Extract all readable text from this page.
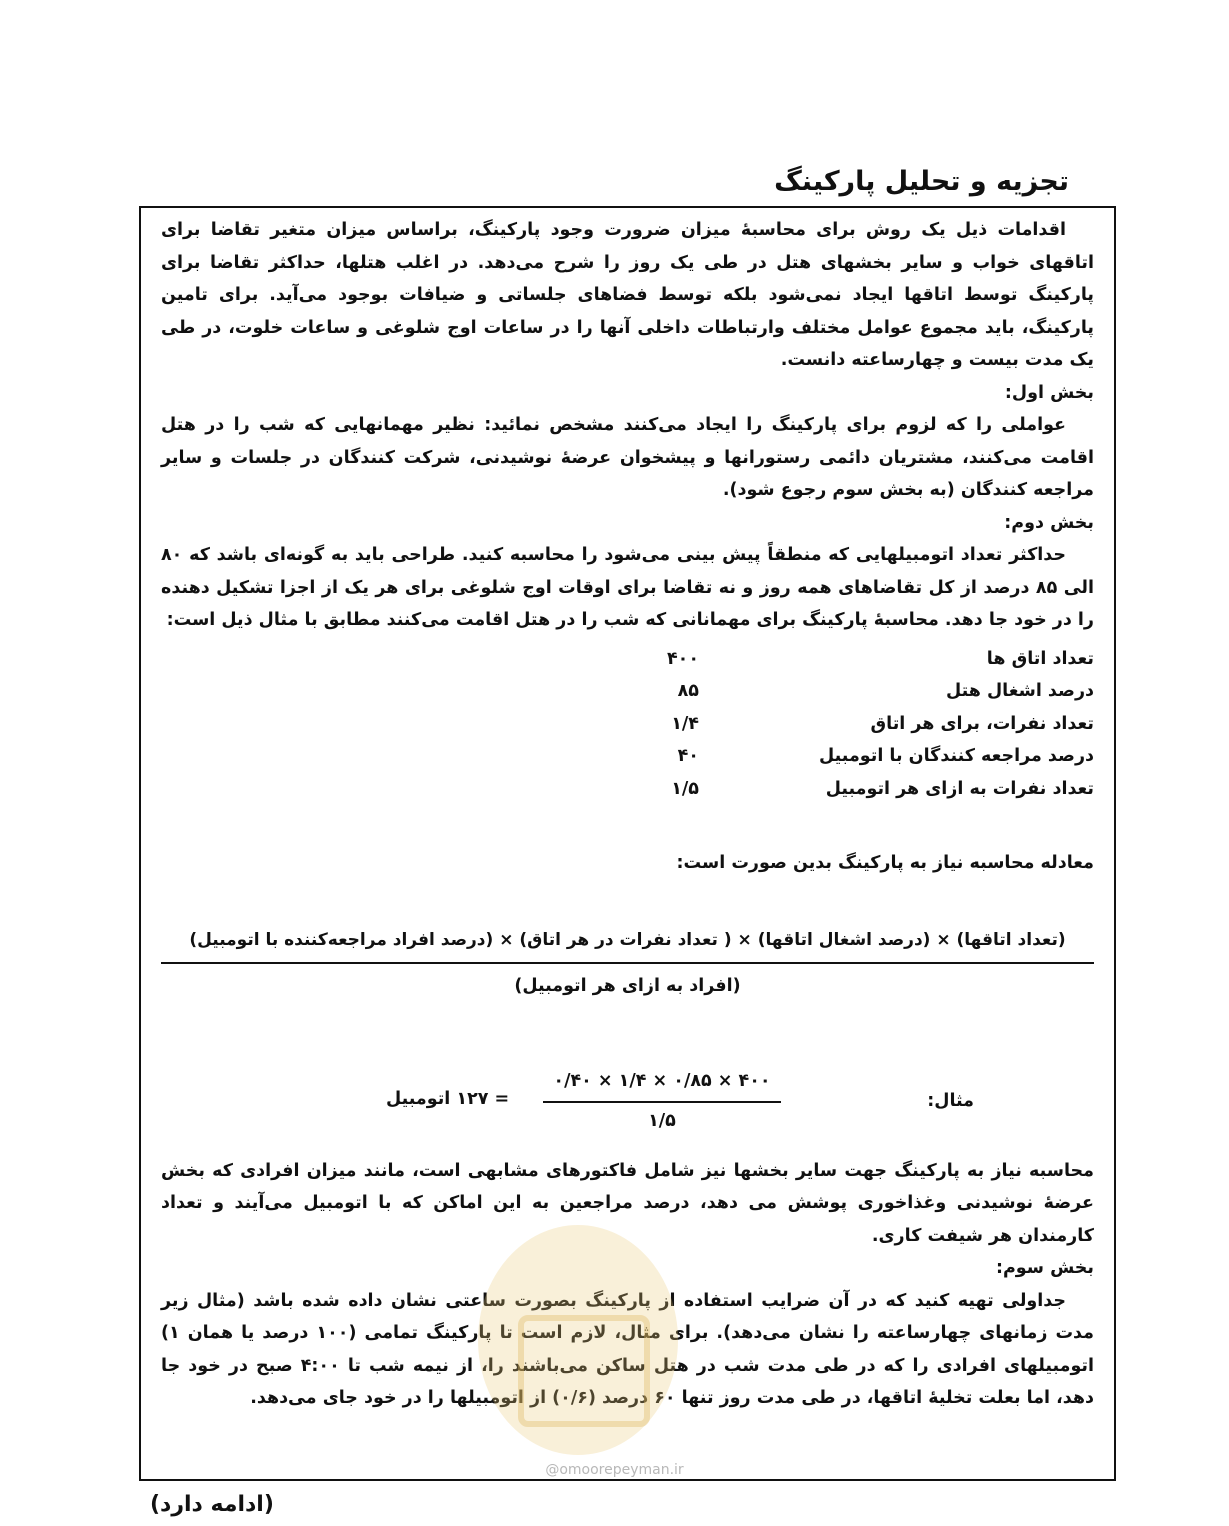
تجزیه و تحلیل پارکینگ

اقدامات ذیل یک روش برای محاسبهٔ میزان ضرورت وجود پارکینگ، براساس میزان متغیر تقاضا برای اتاقهای خواب و سایر بخشهای هتل در طی یک روز را شرح می‌دهد. در اغلب هتلها، حداکثر تقاضا برای پارکینگ توسط اتاقها ایجاد نمی‌شود بلکه توسط فضاهای جلساتی و ضیافات بوجود می‌آید. برای تامین پارکینگ، باید مجموع عوامل مختلف وارتباطات داخلی آنها را در ساعات اوج شلوغی و ساعات خلوت، در طی یک مدت بیست و چهارساعته دانست.

بخش اول:

عواملی را که لزوم برای پارکینگ را ایجاد می‌کنند مشخص نمائید: نظیر مهمانهایی که شب را در هتل اقامت می‌کنند، مشتریان دائمی رستورانها و پیشخوان عرضهٔ نوشیدنی، شرکت کنندگان در جلسات و سایر مراجعه کنندگان (به بخش سوم رجوع شود).

بخش دوم:

حداکثر تعداد اتومبیلهایی که منطقاً پیش بینی می‌شود را محاسبه کنید. طراحی باید به گونه‌ای باشد که ۸۰ الی ۸۵ درصد از کل تقاضاهای همه روز و نه تقاضا برای اوقات اوج شلوغی برای هر یک از اجزا تشکیل دهنده را در خود جا دهد. محاسبهٔ پارکینگ برای مهمانانی که شب را در هتل اقامت می‌کنند مطابق با مثال ذیل است:

تعداد اتاق ها
۴۰۰
درصد اشغال هتل
۸۵
تعداد نفرات، برای هر اتاق
۱/۴
درصد مراجعه کنندگان با اتومبیل
۴۰
تعداد نفرات به ازای هر اتومبیل
۱/۵

معادله محاسبه نیاز به پارکینگ بدین صورت است:

(تعداد اتاقها) × (درصد اشغال اتاقها) × ( تعداد نفرات در هر اتاق) × (درصد افراد مراجعه‌کننده با اتومبیل)
(افراد به ازای هر اتومبیل)
مثال:
۰/۴۰ × ۱/۴ × ۰/۸۵ × ۴۰۰
۱/۵
= ۱۲۷ اتومبیل

محاسبه نیاز به پارکینگ جهت سایر بخشها نیز شامل فاکتورهای مشابهی است، مانند میزان افرادی که بخش عرضهٔ نوشیدنی وغذاخوری پوشش می دهد، درصد مراجعین به این اماکن که با اتومبیل می‌آیند و تعداد کارمندان هر شیفت کاری.

بخش سوم:

جداولی تهیه کنید که در آن ضرایب استفاده از پارکینگ بصورت ساعتی نشان داده شده باشد (مثال زیر مدت زمانهای چهارساعته را نشان می‌دهد). برای مثال، لازم است تا پارکینگ تمامی (۱۰۰ درصد یا همان ۱) اتومبیلهای افرادی را که در طی مدت شب در هتل ساکن می‌باشند را، از نیمه شب تا ۴:۰۰ صبح در خود جا دهد، اما بعلت تخلیهٔ اتاقها، در طی مدت روز تنها ۶۰ درصد (۰/۶) از اتومبیلها را در خود جای می‌دهد.

@omoorepeyman.ir
(ادامه دارد)
